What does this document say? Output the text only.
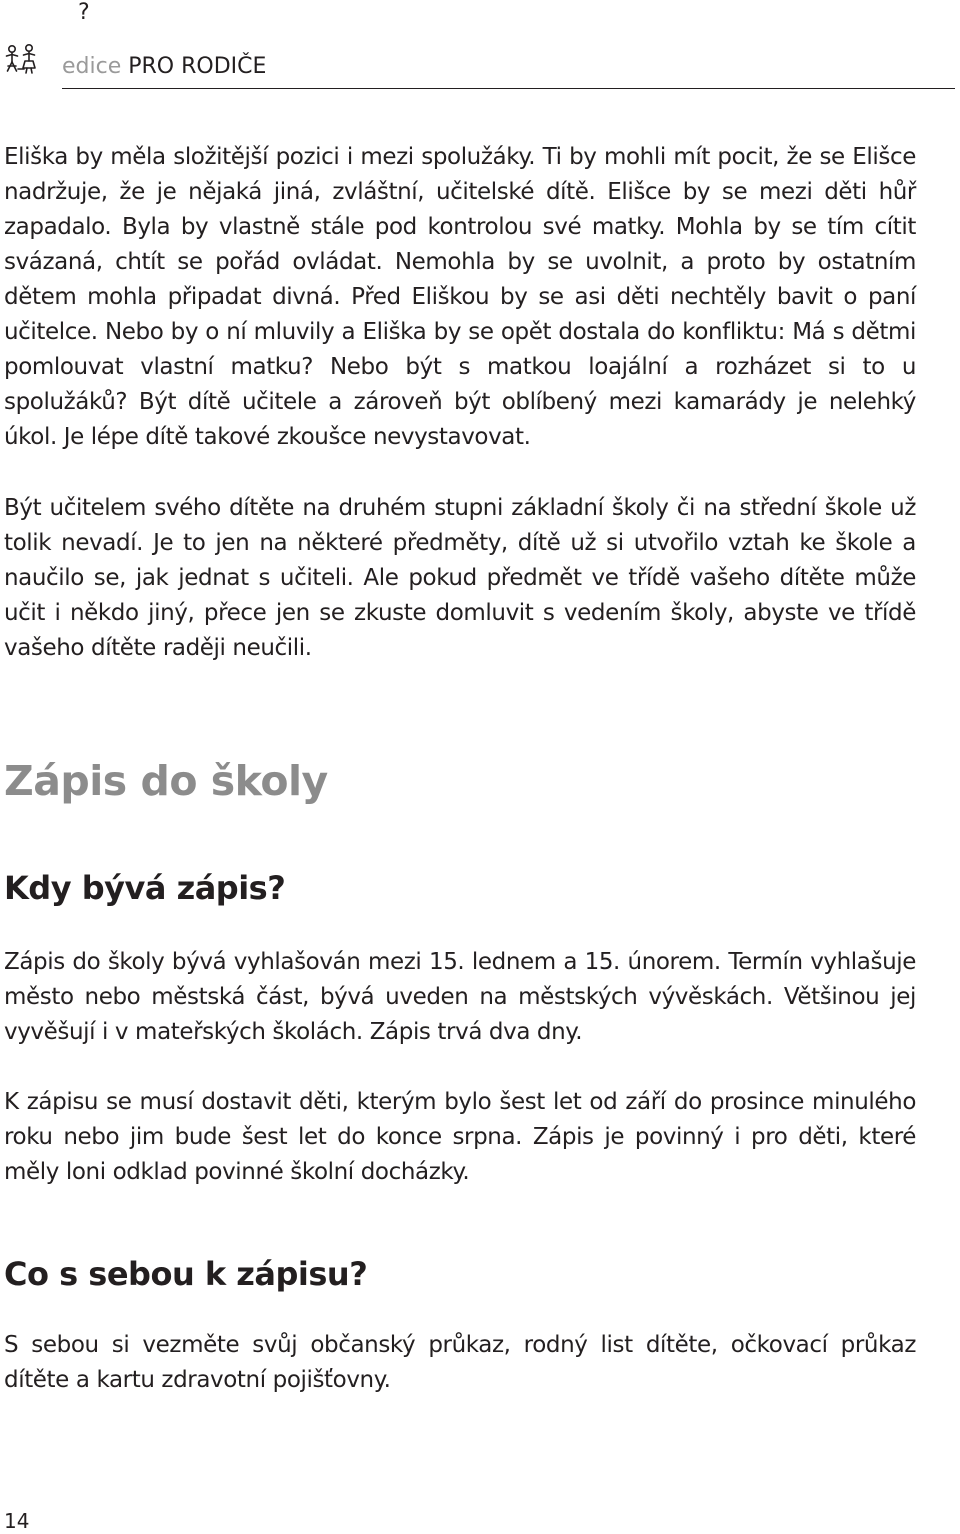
?
edice PRO RODIČE

Eliška by měla složitější pozici i mezi spolužáky. Ti by mohli mít pocit, že se Elišce nadržuje, že je nějaká jiná, zvláštní, učitelské dítě. Elišce by se mezi děti hůř zapadalo. Byla by vlastně stále pod kontrolou své matky. Mohla by se tím cítit svázaná, chtít se pořád ovládat. Nemohla by se uvolnit, a proto by ostatním dětem mohla připadat divná. Před Eliškou by se asi děti nechtěly bavit o paní učitelce. Nebo by o ní mluvily a Eliška by se opět dostala do konfliktu: Má s dětmi pomlouvat vlastní matku? Nebo být s matkou loajální a rozházet si to u spolužáků? Být dítě učitele a zároveň být oblíbený mezi kamarády je nelehký úkol. Je lépe dítě takové zkoušce nevystavovat.

Být učitelem svého dítěte na druhém stupni základní školy či na střední škole už tolik nevadí. Je to jen na některé předměty, dítě už si utvořilo vztah ke škole a naučilo se, jak jednat s učiteli. Ale pokud předmět ve třídě vašeho dítěte může učit i někdo jiný, přece jen se zkuste domluvit s vedením školy, abyste ve třídě vašeho dítěte raději neučili.

Zápis do školy
Kdy bývá zápis?

Zápis do školy bývá vyhlašován mezi 15. lednem a 15. únorem. Termín vyhlašuje město nebo městská část, bývá uveden na městských vývěskách. Většinou jej vyvěšují i v mateřských školách. Zápis trvá dva dny.

K zápisu se musí dostavit děti, kterým bylo šest let od září do prosince minulého roku nebo jim bude šest let do konce srpna. Zápis je povinný i pro děti, které měly loni odklad povinné školní docházky.

Co s sebou k zápisu?

S sebou si vezměte svůj občanský průkaz, rodný list dítěte, očkovací průkaz dítěte a kartu zdravotní pojišťovny.

14
